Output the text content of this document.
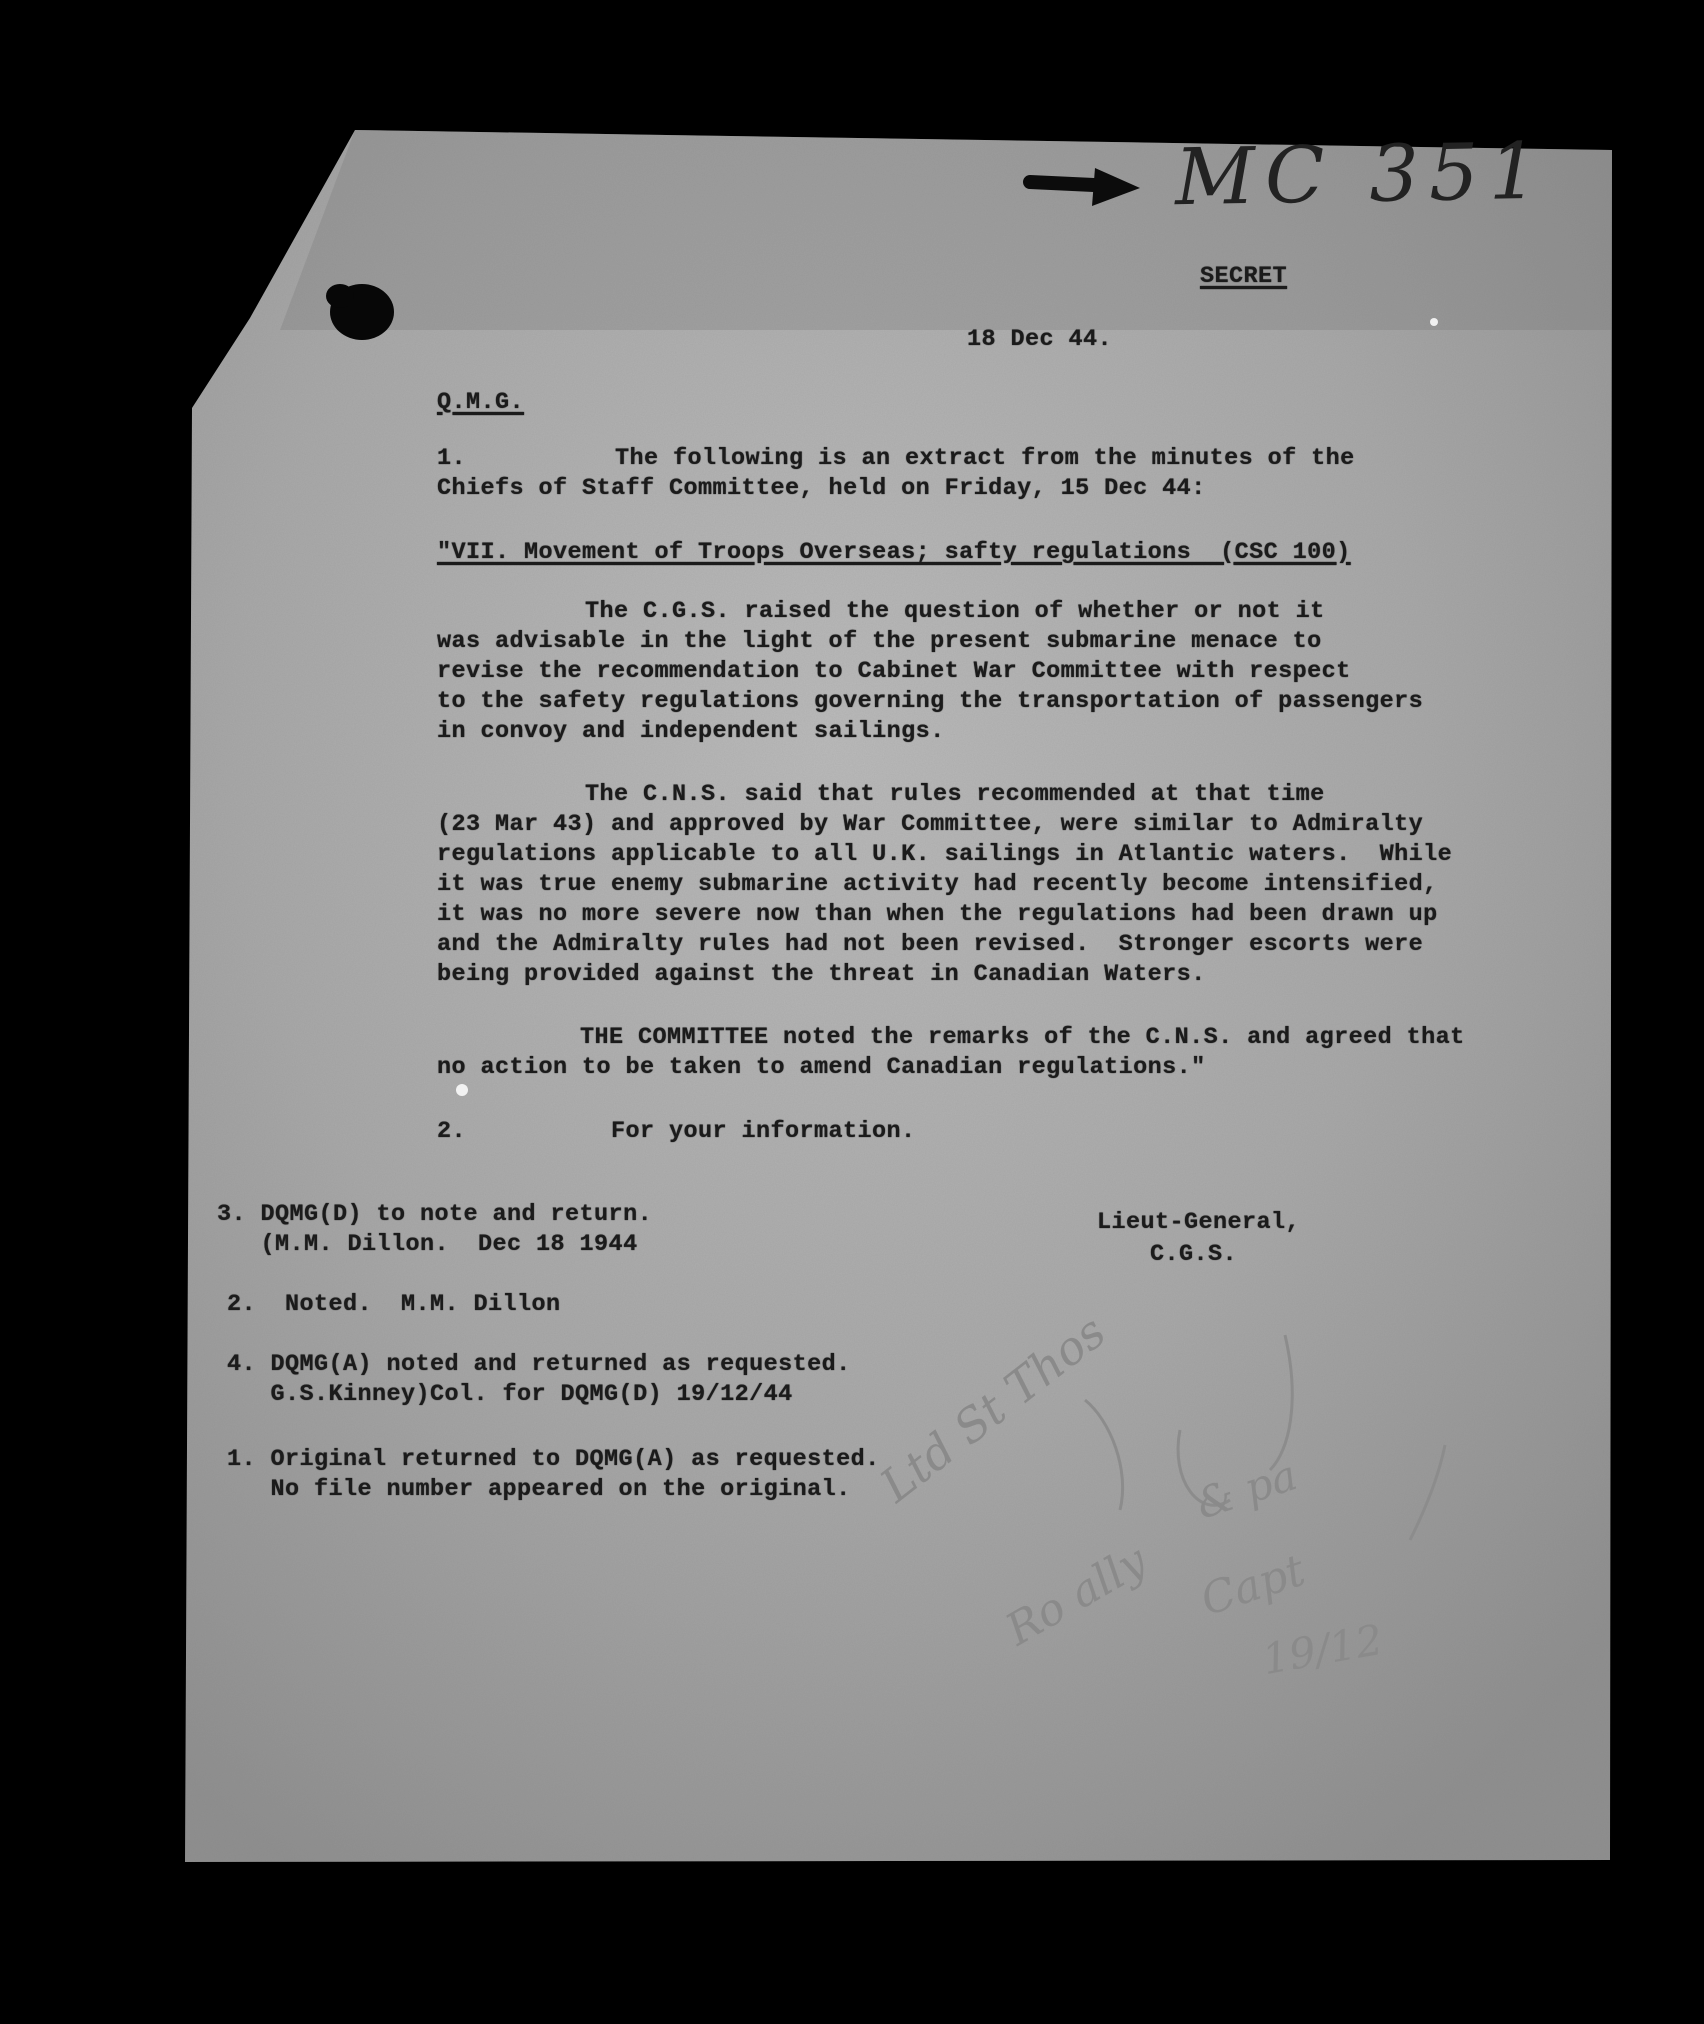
MC 351
SECRET
18 Dec 44.
Q.M.G.
1.	The following is an extract from the minutes of the
Chiefs of Staff Committee, held on Friday, 15 Dec 44:
"VII. Movement of Troops Overseas; safty regulations  (CSC 100)
The C.G.S. raised the question of whether or not it
was advisable in the light of the present submarine menace to
revise the recommendation to Cabinet War Committee with respect
to the safety regulations governing the transportation of passengers
in convoy and independent sailings.
The C.N.S. said that rules recommended at that time
(23 Mar 43) and approved by War Committee, were similar to Admiralty
regulations applicable to all U.K. sailings in Atlantic waters.  While
it was true enemy submarine activity had recently become intensified,
it was no more severe now than when the regulations had been drawn up
and the Admiralty rules had not been revised.  Stronger escorts were
being provided against the threat in Canadian Waters.
THE COMMITTEE noted the remarks of the C.N.S. and agreed that
no action to be taken to amend Canadian regulations."
2.	For your information.
Lieut-General,
C.G.S.
3. DQMG(D) to note and return.
(M.M. Dillon.  Dec 18 1944
2.  Noted.  M.M. Dillon
4. DQMG(A) noted and returned as requested.
G.S.Kinney)Col. for DQMG(D) 19/12/44
1. Original returned to DQMG(A) as requested.
No file number appeared on the original. Ltd St Thos & pa
Ro ally Capt
19/12
